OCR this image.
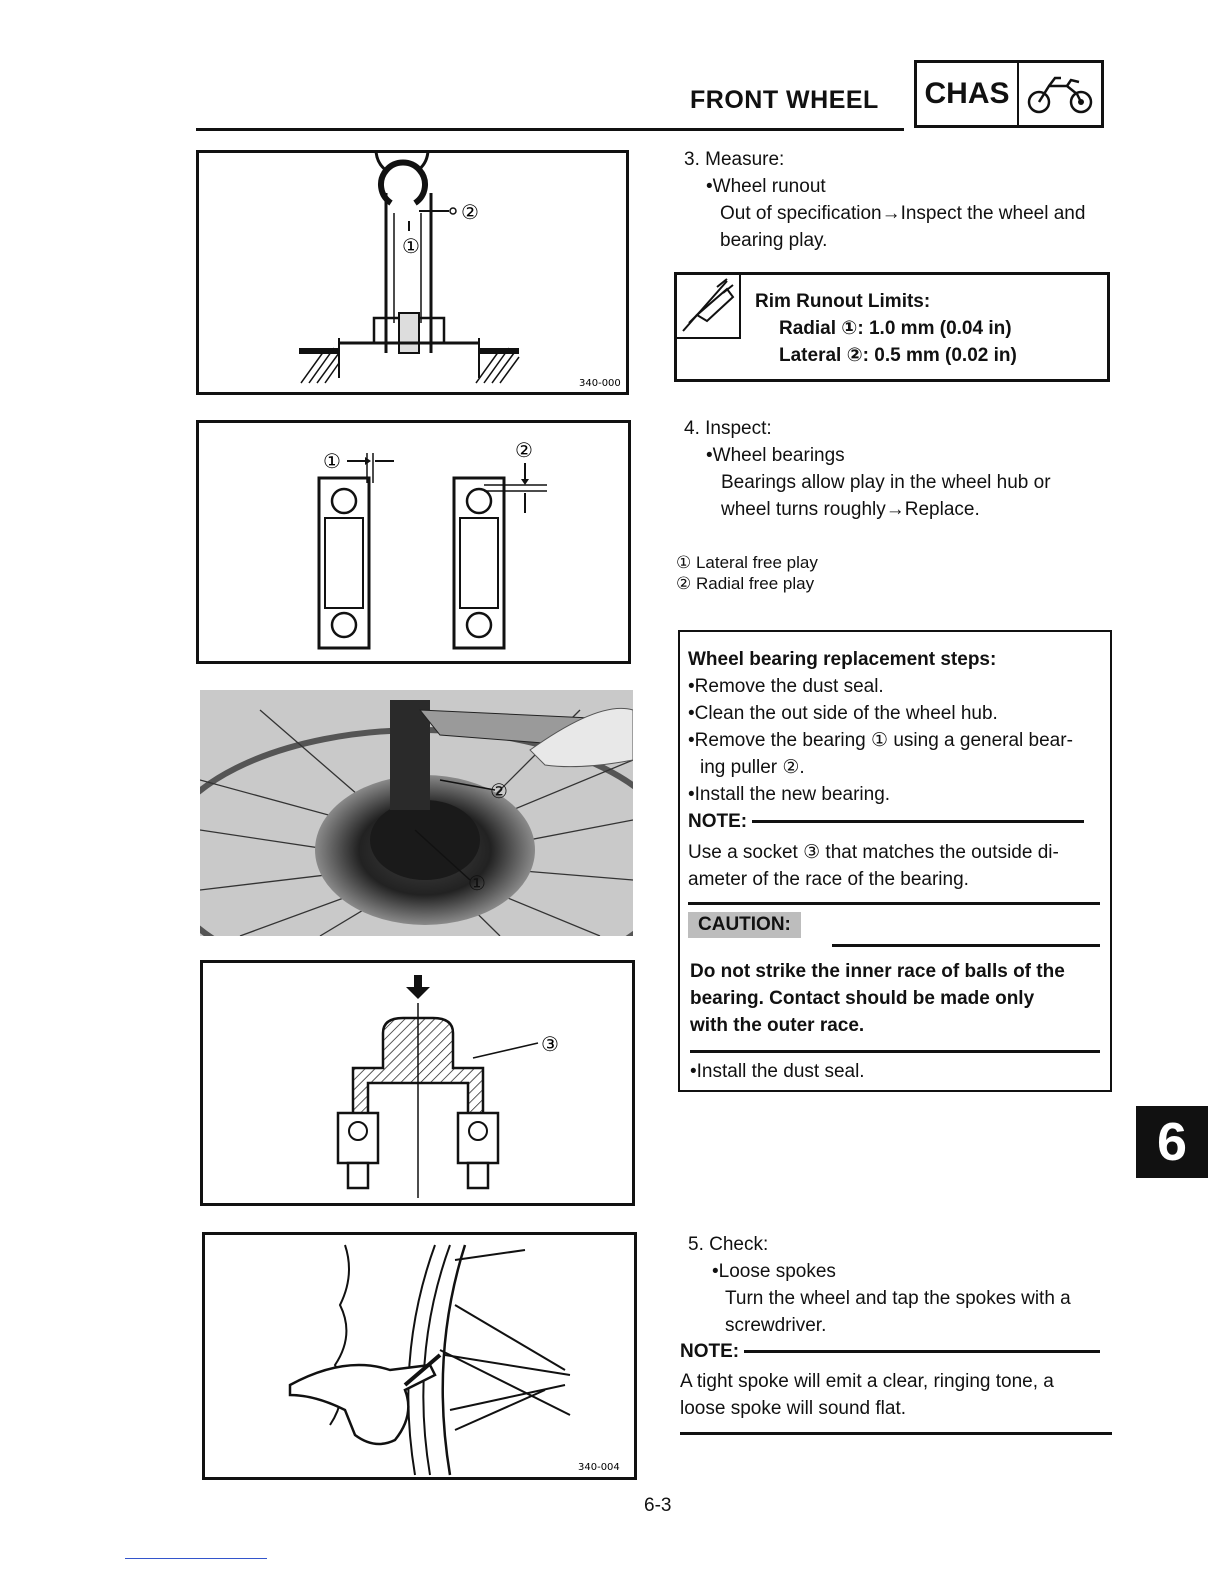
FRONT WHEEL CHAS
②
①
340-000
①	②
②
①
③
340-004

3. Measure:

•Wheel runout

Out of specification→Inspect the wheel and

bearing play.

Rim Runout Limits:
Radial ①: 1.0 mm (0.04 in)
Lateral ②: 0.5 mm (0.02 in)

4. Inspect:

•Wheel bearings

Bearings allow play in the wheel hub or

wheel turns roughly→Replace.

① Lateral free play
② Radial free play

Wheel bearing replacement steps:

•Remove the dust seal.

•Clean the out side of the wheel hub.

•Remove the bearing ① using a general bear-

ing puller ②.

•Install the new bearing.

NOTE:

Use a socket ③ that matches the outside di-

ameter of the race of the bearing.

CAUTION:

Do not strike the inner race of balls of the

bearing. Contact should be made only

with the outer race.

•Install the dust seal.
6

5. Check:

•Loose spokes

Turn the wheel and tap the spokes with a

screwdriver.

NOTE:

A tight spoke will emit a clear, ringing tone, a

loose spoke will sound flat.

6-3
